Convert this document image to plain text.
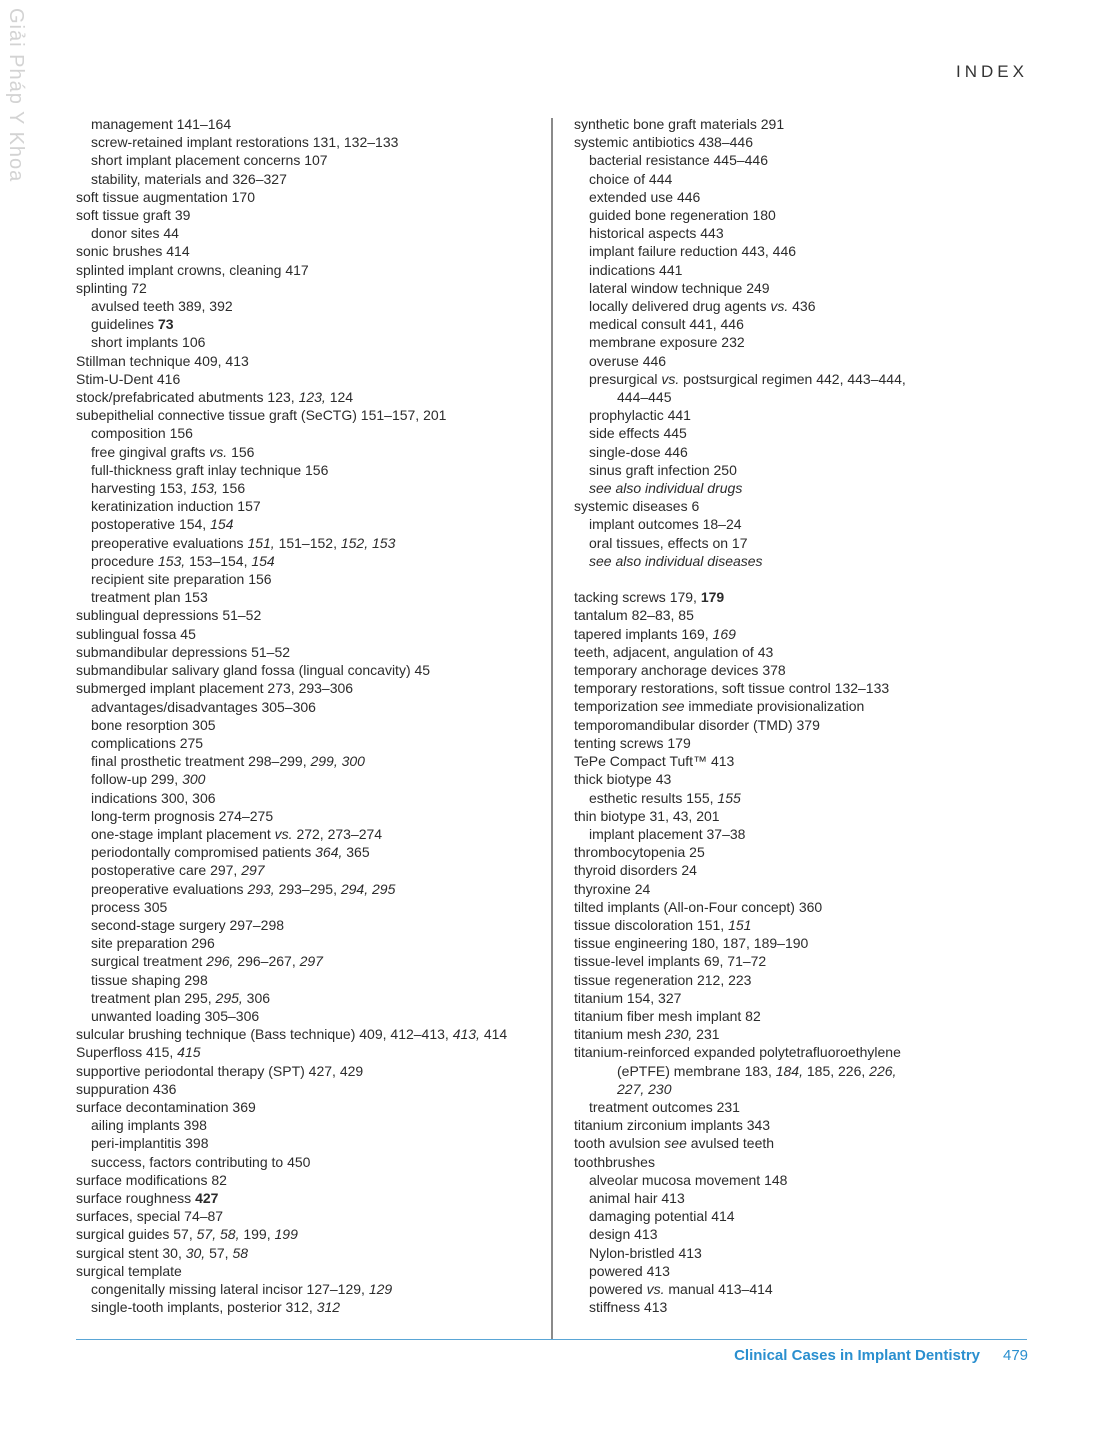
Giải Pháp Y Khoa	INDEX
management 141–164
screw-retained implant restorations 131, 132–133
short implant placement concerns 107
stability, materials and 326–327
soft tissue augmentation 170
soft tissue graft 39
donor sites 44
sonic brushes 414
splinted implant crowns, cleaning 417
splinting 72
avulsed teeth 389, 392
guidelines 73
short implants 106
Stillman technique 409, 413
Stim-U-Dent 416
stock/prefabricated abutments 123, 123, 124
subepithelial connective tissue graft (SeCTG) 151–157, 201
composition 156
free gingival grafts vs. 156
full-thickness graft inlay technique 156
harvesting 153, 153, 156
keratinization induction 157
postoperative 154, 154
preoperative evaluations 151, 151–152, 152, 153
procedure 153, 153–154, 154
recipient site preparation 156
treatment plan 153
sublingual depressions 51–52
sublingual fossa 45
submandibular depressions 51–52
submandibular salivary gland fossa (lingual concavity) 45
submerged implant placement 273, 293–306
advantages/disadvantages 305–306
bone resorption 305
complications 275
final prosthetic treatment 298–299, 299, 300
follow-up 299, 300
indications 300, 306
long-term prognosis 274–275
one-stage implant placement vs. 272, 273–274
periodontally compromised patients 364, 365
postoperative care 297, 297
preoperative evaluations 293, 293–295, 294, 295
process 305
second-stage surgery 297–298
site preparation 296
surgical treatment 296, 296–267, 297
tissue shaping 298
treatment plan 295, 295, 306
unwanted loading 305–306
sulcular brushing technique (Bass technique) 409, 412–413, 413, 414
Superfloss 415, 415
supportive periodontal therapy (SPT) 427, 429
suppuration 436
surface decontamination 369
ailing implants 398
peri-implantitis 398
success, factors contributing to 450
surface modifications 82
surface roughness 427
surfaces, special 74–87
surgical guides 57, 57, 58, 199, 199
surgical stent 30, 30, 57, 58
surgical template
congenitally missing lateral incisor 127–129, 129
single-tooth implants, posterior 312, 312
synthetic bone graft materials 291
systemic antibiotics 438–446
bacterial resistance 445–446
choice of 444
extended use 446
guided bone regeneration 180
historical aspects 443
implant failure reduction 443, 446
indications 441
lateral window technique 249
locally delivered drug agents vs. 436
medical consult 441, 446
membrane exposure 232
overuse 446
presurgical vs. postsurgical regimen 442, 443–444,
444–445
prophylactic 441
side effects 445
single-dose 446
sinus graft infection 250
see also individual drugs
systemic diseases 6
implant outcomes 18–24
oral tissues, effects on 17
see also individual diseases
tacking screws 179, 179
tantalum 82–83, 85
tapered implants 169, 169
teeth, adjacent, angulation of 43
temporary anchorage devices 378
temporary restorations, soft tissue control 132–133
temporization see immediate provisionalization
temporomandibular disorder (TMD) 379
tenting screws 179
TePe Compact Tuft™ 413
thick biotype 43
esthetic results 155, 155
thin biotype 31, 43, 201
implant placement 37–38
thrombocytopenia 25
thyroid disorders 24
thyroxine 24
tilted implants (All-on-Four concept) 360
tissue discoloration 151, 151
tissue engineering 180, 187, 189–190
tissue-level implants 69, 71–72
tissue regeneration 212, 223
titanium 154, 327
titanium fiber mesh implant 82
titanium mesh 230, 231
titanium-reinforced expanded polytetrafluoroethylene
(ePTFE) membrane 183, 184, 185, 226, 226,
227, 230
treatment outcomes 231
titanium zirconium implants 343
tooth avulsion see avulsed teeth
toothbrushes
alveolar mucosa movement 148
animal hair 413
damaging potential 414
design 413
Nylon-bristled 413
powered 413
powered vs. manual 413–414
stiffness 413
Clinical Cases in Implant Dentistry 479
